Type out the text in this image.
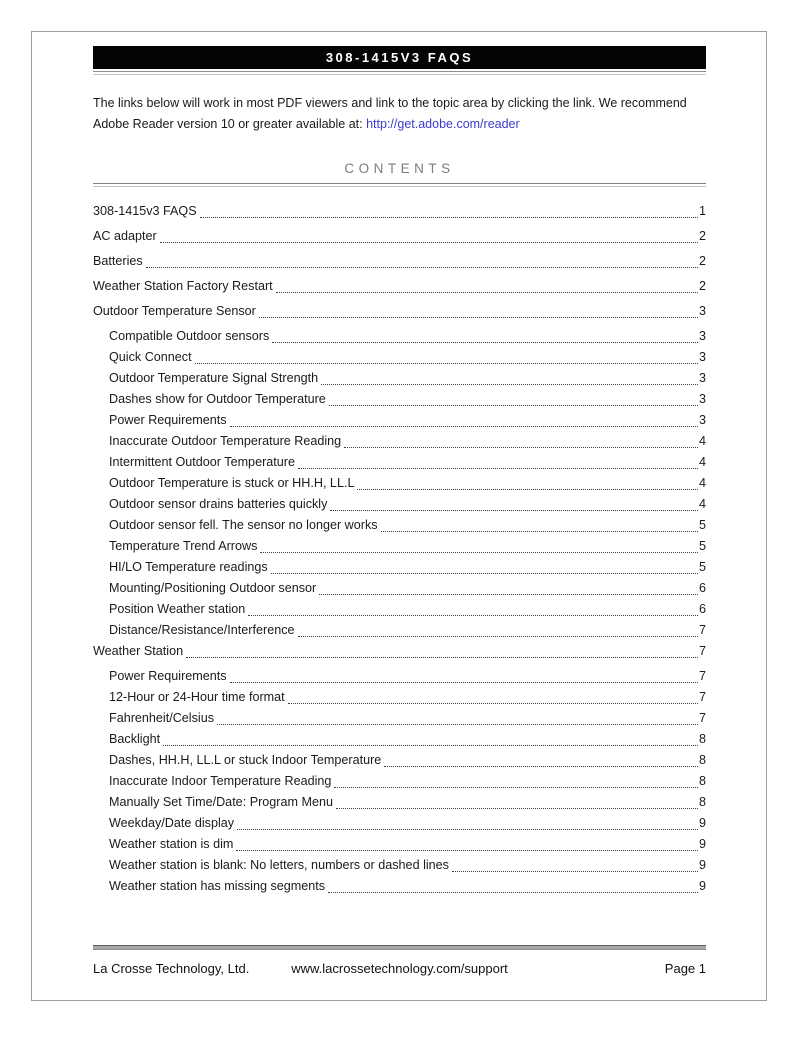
308-1415V3 FAQS
The links below will work in most PDF viewers and link to the topic area by clicking the link. We recommend
Adobe Reader version 10 or greater available at: http://get.adobe.com/reader
CONTENTS
308-1415v3 FAQS	1
AC adapter	2
Batteries	2
Weather Station Factory Restart	2
Outdoor Temperature Sensor	3
Compatible Outdoor sensors	3
Quick Connect	3
Outdoor Temperature Signal Strength	3
Dashes show for Outdoor Temperature	3
Power Requirements	3
Inaccurate Outdoor Temperature Reading	4
Intermittent Outdoor Temperature	4
Outdoor Temperature is stuck or HH.H, LL.L	4
Outdoor sensor drains batteries quickly	4
Outdoor sensor fell. The sensor no longer works	5
Temperature Trend Arrows	5
HI/LO Temperature readings	5
Mounting/Positioning Outdoor sensor	6
Position Weather station	6
Distance/Resistance/Interference	7
Weather Station	7
Power Requirements	7
12-Hour or 24-Hour time format	7
Fahrenheit/Celsius	7
Backlight	8
Dashes, HH.H, LL.L or stuck Indoor Temperature	8
Inaccurate Indoor Temperature Reading	8
Manually Set Time/Date: Program Menu	8
Weekday/Date display	9
Weather station is dim	9
Weather station is blank: No letters, numbers or dashed lines	9
Weather station has missing segments	9
La Crosse Technology, Ltd.	www.lacrossetechnology.com/support	Page 1
